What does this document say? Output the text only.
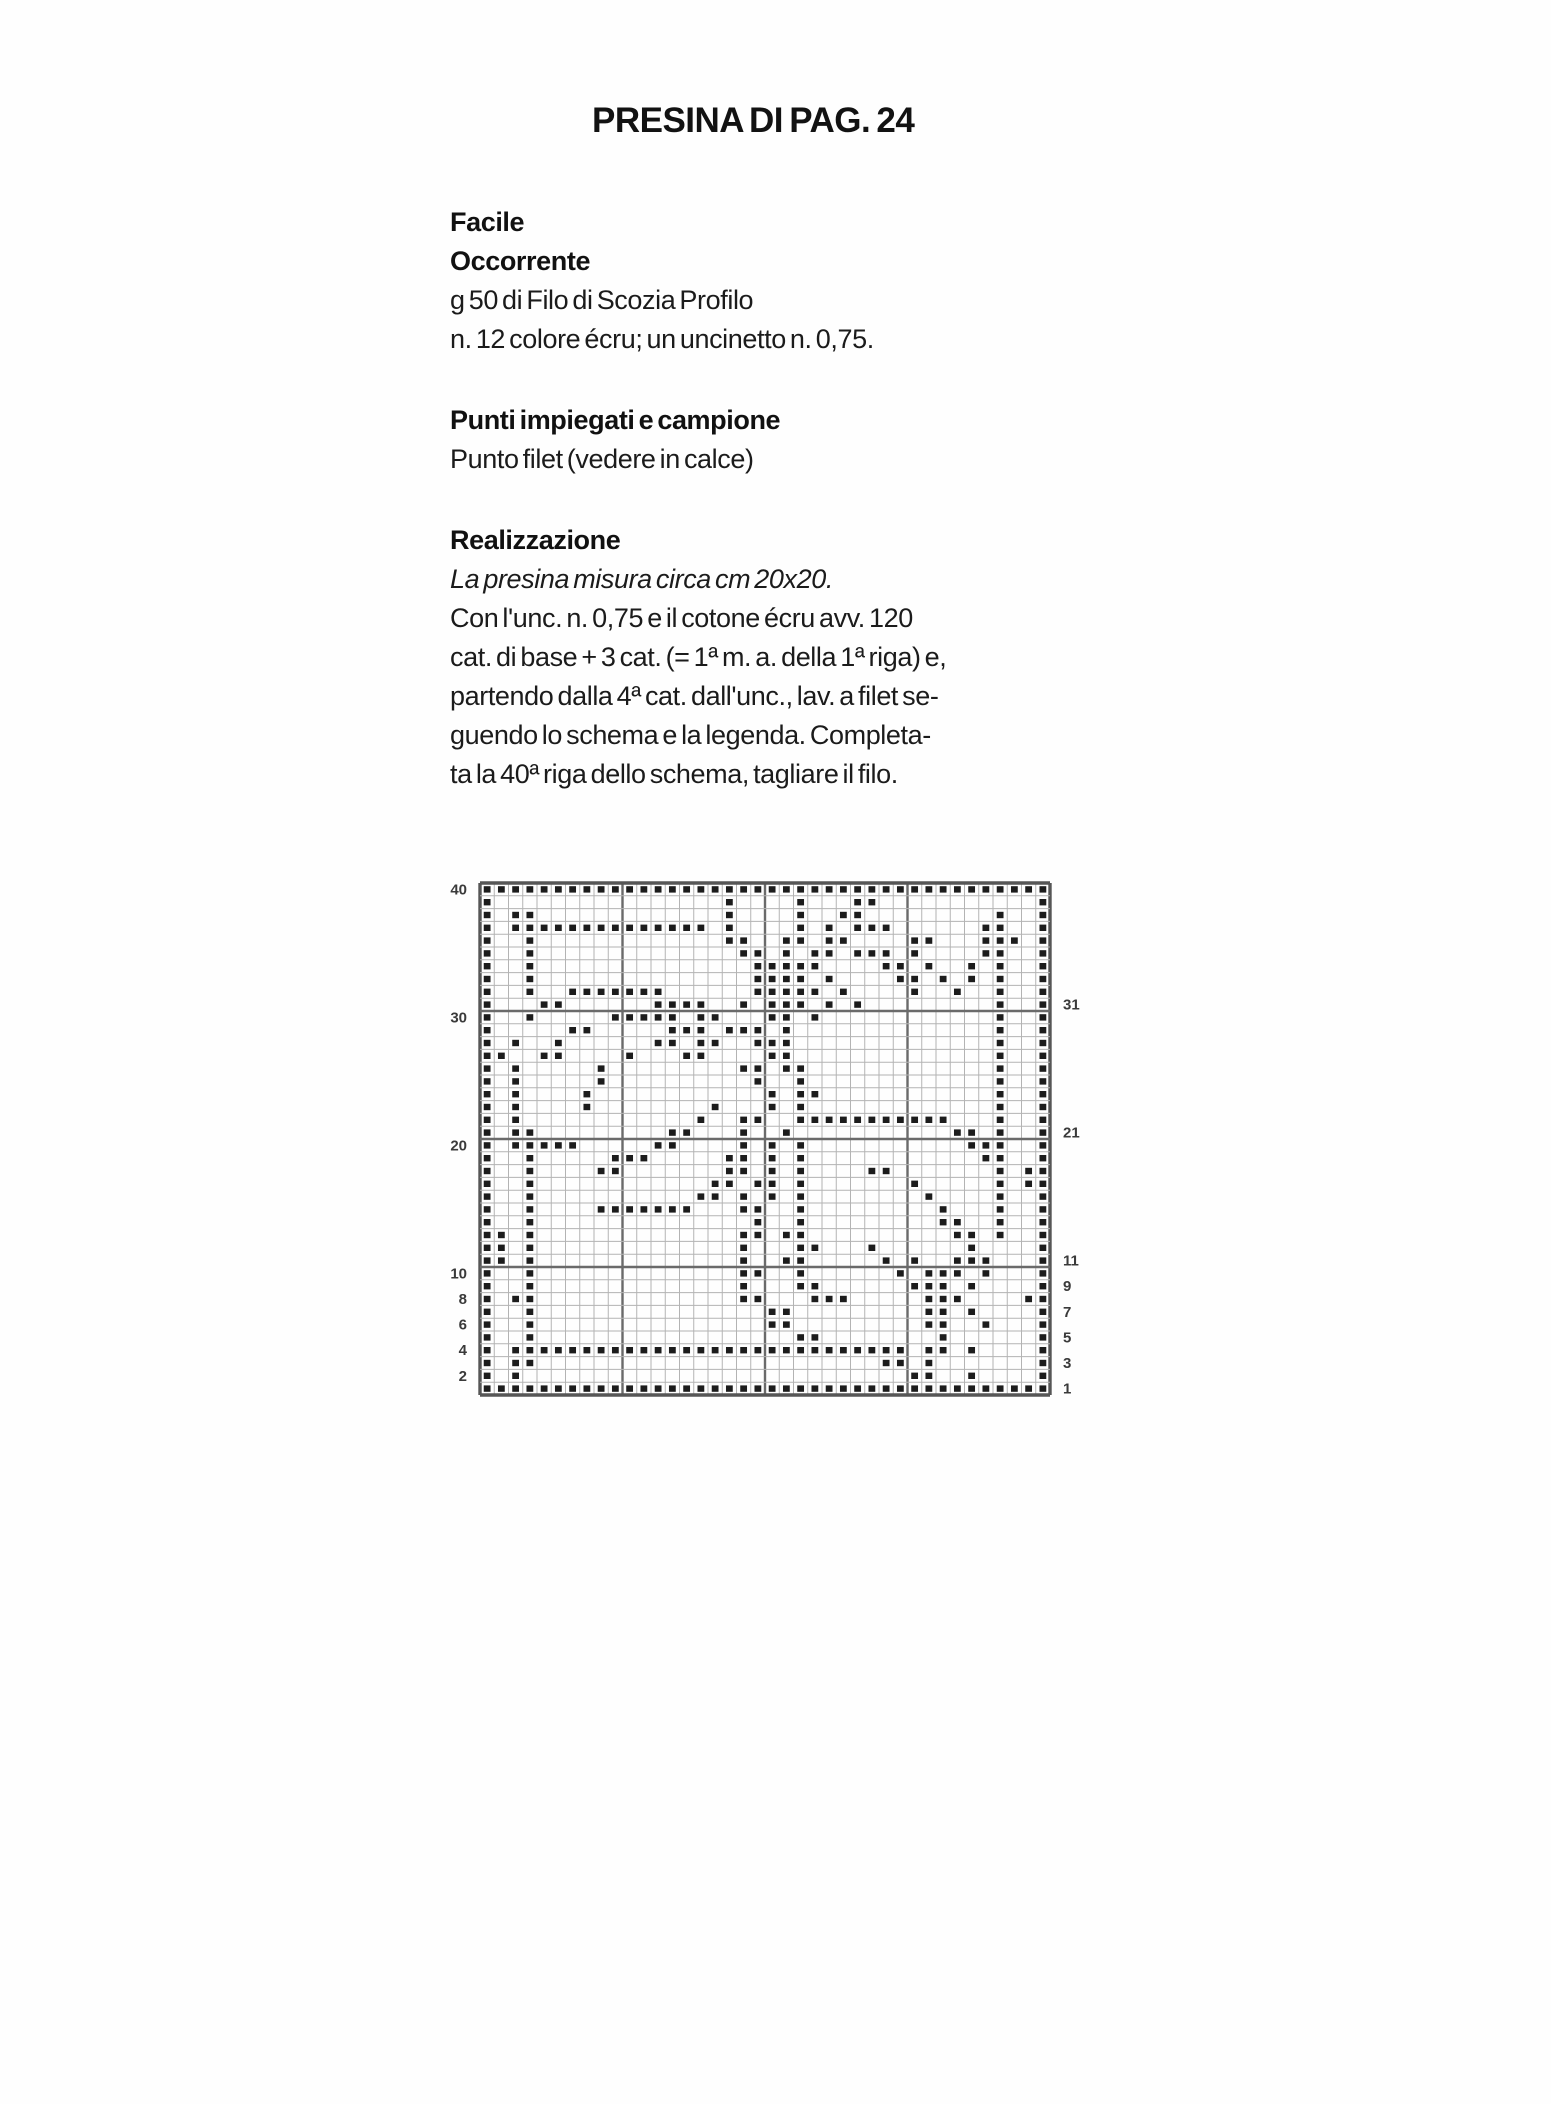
PRESINA DI PAG. 24
Facile
Occorrente
g 50 di Filo di Scozia Profilo
n. 12 colore écru; un uncinetto n. 0,75.
Punti impiegati e campione
Punto filet (vedere in calce)
Realizzazione
La presina misura circa cm 20x20.
Con l'unc. n. 0,75 e il cotone écru avv. 120
cat. di base + 3 cat. (= 1ª m. a. della 1ª riga) e,
partendo dalla 4ª cat. dall'unc., lav. a filet se-
guendo lo schema e la legenda. Completa-
ta la 40ª riga dello schema, tagliare il filo.
40
30
20
10
8
6
4
2
31
21
11
9
7
5
3
1
